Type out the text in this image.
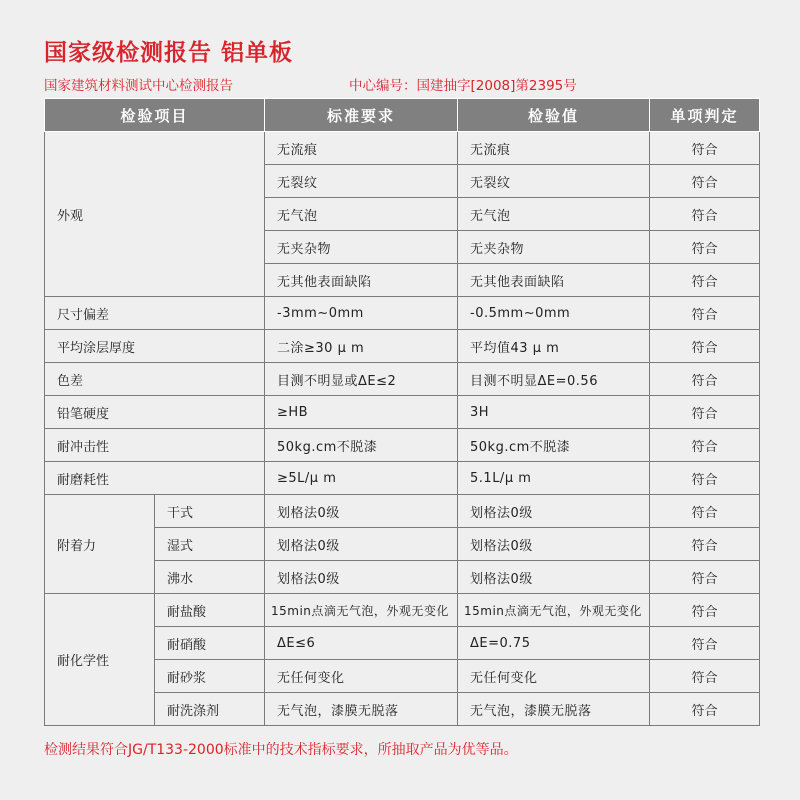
国家级检测报告 铝单板
国家建筑材料测试中心检测报告	中心编号：国建抽字[2008]第2395号
检验项目		标准要求	检验值	单项判定
外观		无流痕	无流痕	符合
		无裂纹	无裂纹	符合
		无气泡	无气泡	符合
		无夹杂物	无夹杂物	符合
		无其他表面缺陷	无其他表面缺陷	符合
尺寸偏差		-3mm~0mm	-0.5mm~0mm	符合
平均涂层厚度		二涂≥30 μ m	平均值43 μ m	符合
色差		目测不明显或ΔE≤2	目测不明显ΔE=0.56	符合
铅笔硬度		≥HB	3H	符合
耐冲击性		50kg.cm不脱漆	50kg.cm不脱漆	符合
耐磨耗性		≥5L/μ m	5.1L/μ m	符合
附着力	干式	划格法0级	划格法0级	符合
	湿式	划格法0级	划格法0级	符合
	沸水	划格法0级	划格法0级	符合
耐化学性	耐盐酸	15min点滴无气泡，外观无变化	15min点滴无气泡，外观无变化	符合
	耐硝酸	ΔE≤6	ΔE=0.75	符合
	耐砂浆	无任何变化	无任何变化	符合
	耐洗涤剂	无气泡，漆膜无脱落	无气泡，漆膜无脱落	符合
检测结果符合JG/T133-2000标准中的技术指标要求，所抽取产品为优等品。
